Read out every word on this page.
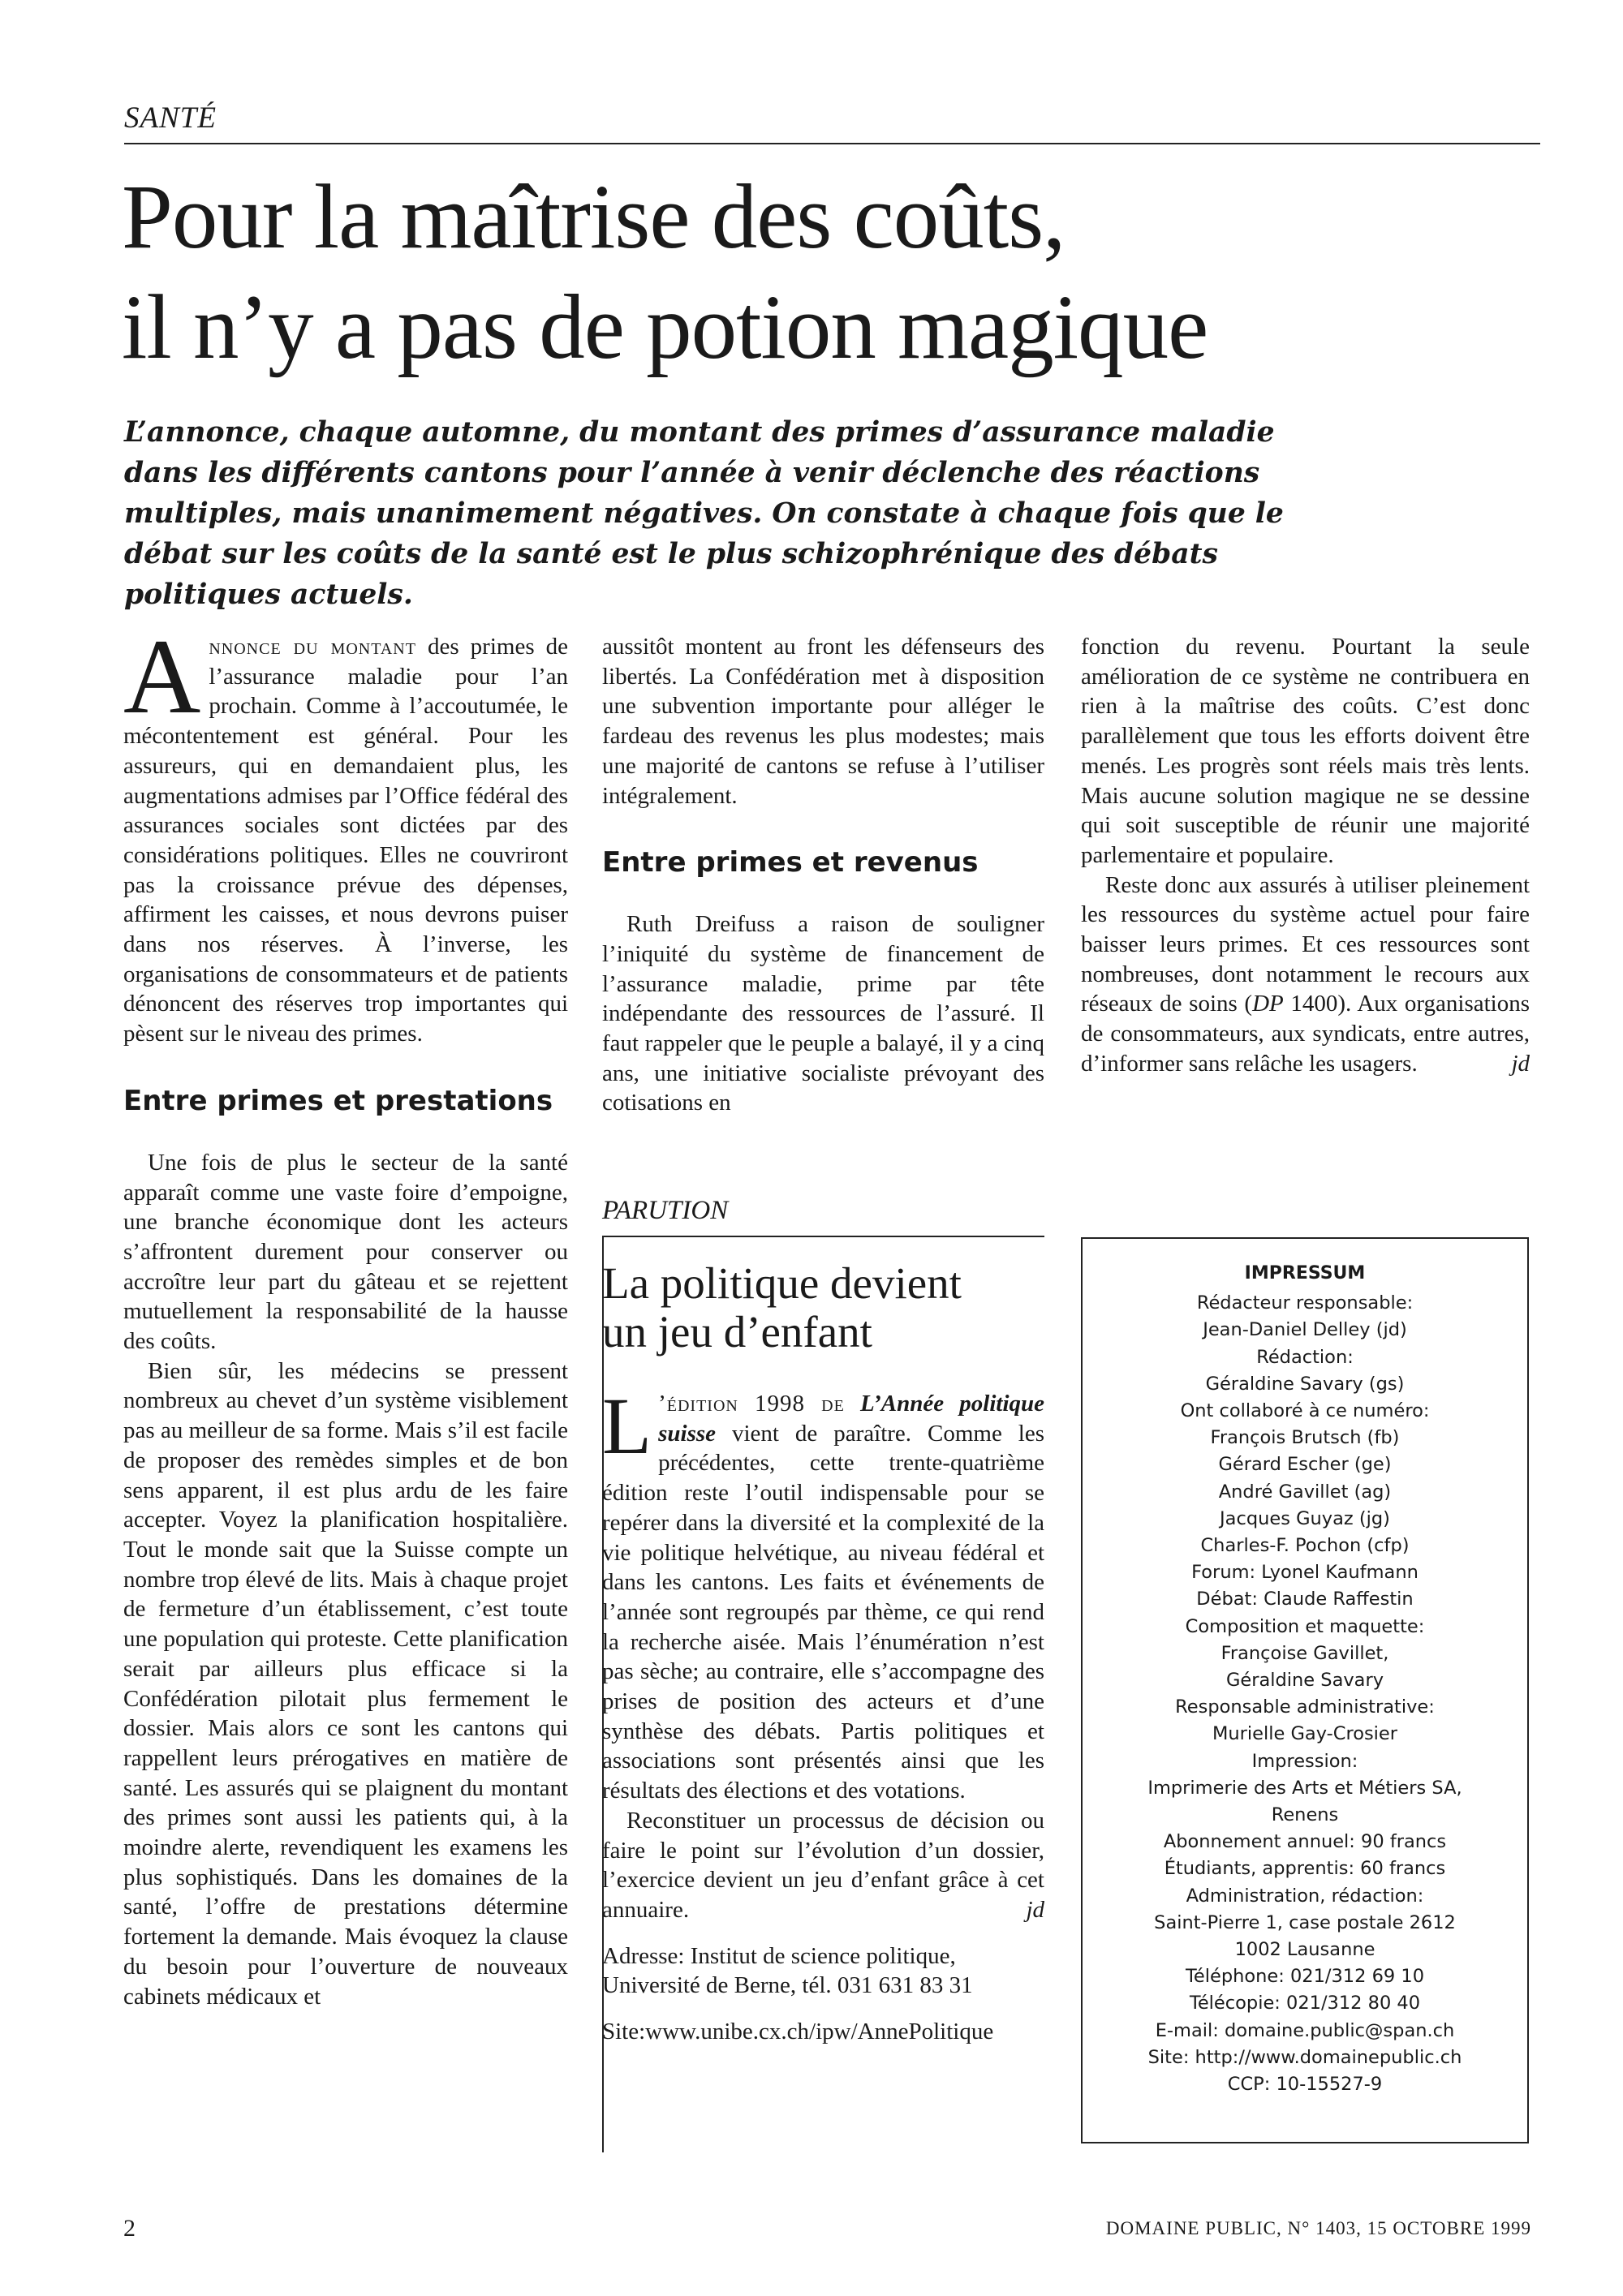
SANTÉ
Pour la maîtrise des coûts,
il n’y a pas de potion magique

L’annonce, chaque automne, du montant des primes d’assurance maladie dans les différents cantons pour l’année à venir déclenche des réactions multiples, mais unanimement négatives. On constate à chaque fois que le débat sur les coûts de la santé est le plus schizophrénique des débats politiques actuels.

Annonce du montant des primes de l’assurance maladie pour l’an prochain. Comme à l’accoutumée, le mécontentement est général. Pour les assureurs, qui en demandaient plus, les augmentations admises par l’Office fédéral des assurances sociales sont dictées par des considérations politiques. Elles ne couvriront pas la croissance prévue des dépenses, affirment les caisses, et nous devrons puiser dans nos réserves. À l’inverse, les organisations de consommateurs et de patients dénoncent des réserves trop importantes qui pèsent sur le niveau des primes.

Entre primes et prestations

Une fois de plus le secteur de la santé apparaît comme une vaste foire d’empoigne, une branche économique dont les acteurs s’affrontent durement pour conserver ou accroître leur part du gâteau et se rejettent mutuellement la responsabilité de la hausse des coûts.

Bien sûr, les médecins se pressent nombreux au chevet d’un système visiblement pas au meilleur de sa forme. Mais s’il est facile de proposer des remèdes simples et de bon sens apparent, il est plus ardu de les faire accepter. Voyez la planification hospitalière. Tout le monde sait que la Suisse compte un nombre trop élevé de lits. Mais à chaque projet de fermeture d’un établissement, c’est toute une population qui proteste. Cette planification serait par ailleurs plus efficace si la Confédération pilotait plus fermement le dossier. Mais alors ce sont les cantons qui rappellent leurs prérogatives en matière de santé. Les assurés qui se plaignent du montant des primes sont aussi les patients qui, à la moindre alerte, revendiquent les examens les plus sophistiqués. Dans les domaines de la santé, l’offre de prestations détermine fortement la demande. Mais évoquez la clause du besoin pour l’ouverture de nouveaux cabinets médicaux et

aussitôt montent au front les défenseurs des libertés. La Confédération met à disposition une subvention importante pour alléger le fardeau des revenus les plus modestes; mais une majorité de cantons se refuse à l’utiliser intégralement.

Entre primes et revenus

Ruth Dreifuss a raison de souligner l’iniquité du système de financement de l’assurance maladie, prime par tête indépendante des ressources de l’assuré. Il faut rappeler que le peuple a balayé, il y a cinq ans, une initiative socialiste prévoyant des cotisations en

fonction du revenu. Pourtant la seule amélioration de ce système ne contribuera en rien à la maîtrise des coûts. C’est donc parallèlement que tous les efforts doivent être menés. Les progrès sont réels mais très lents. Mais aucune solution magique ne se dessine qui soit susceptible de réunir une majorité parlementaire et populaire.

Reste donc aux assurés à utiliser pleinement les ressources du système actuel pour faire baisser leurs primes. Et ces ressources sont nombreuses, dont notamment le recours aux réseaux de soins (DP 1400). Aux organisations de consommateurs, aux syndicats, entre autres, d’informer sans relâche les usagers.	jd

PARUTION
La politique devient
un jeu d’enfant

L ’édition 1998 de L’Année politique suisse vient de paraître. Comme les précédentes, cette trente-quatrième édition reste l’outil indispensable pour se repérer dans la diversité et la complexité de la vie politique helvétique, au niveau fédéral et dans les cantons. Les faits et événements de l’année sont regroupés par thème, ce qui rend la recherche aisée. Mais l’énumération n’est pas sèche; au contraire, elle s’accompagne des prises de position des acteurs et d’une synthèse des débats. Partis politiques et associations sont présentés ainsi que les résultats des élections et des votations.

Reconstituer un processus de décision ou faire le point sur l’évolution d’un dossier, l’exercice devient un jeu d’enfant grâce à cet annuaire.	jd

Adresse: Institut de science politique, Université de Berne, tél. 031 631 83 31

Site:www.unibe.cx.ch/ipw/AnnePolitique

IMPRESSUM
Rédacteur responsable:
Jean-Daniel Delley (jd)
Rédaction:
Géraldine Savary (gs)
Ont collaboré à ce numéro:
François Brutsch (fb)
Gérard Escher (ge)
André Gavillet (ag)
Jacques Guyaz (jg)
Charles-F. Pochon (cfp)
Forum: Lyonel Kaufmann
Débat: Claude Raffestin
Composition et maquette:
Françoise Gavillet,
Géraldine Savary
Responsable administrative:
Murielle Gay-Crosier
Impression:
Imprimerie des Arts et Métiers SA,
Renens
Abonnement annuel: 90 francs
Étudiants, apprentis: 60 francs
Administration, rédaction:
Saint-Pierre 1, case postale 2612
1002 Lausanne
Téléphone: 021/312 69 10
Télécopie: 021/312 80 40
E-mail: domaine.public@span.ch
Site: http://www.domainepublic.ch
CCP: 10-15527-9
2	DOMAINE PUBLIC, N° 1403, 15 OCTOBRE 1999
